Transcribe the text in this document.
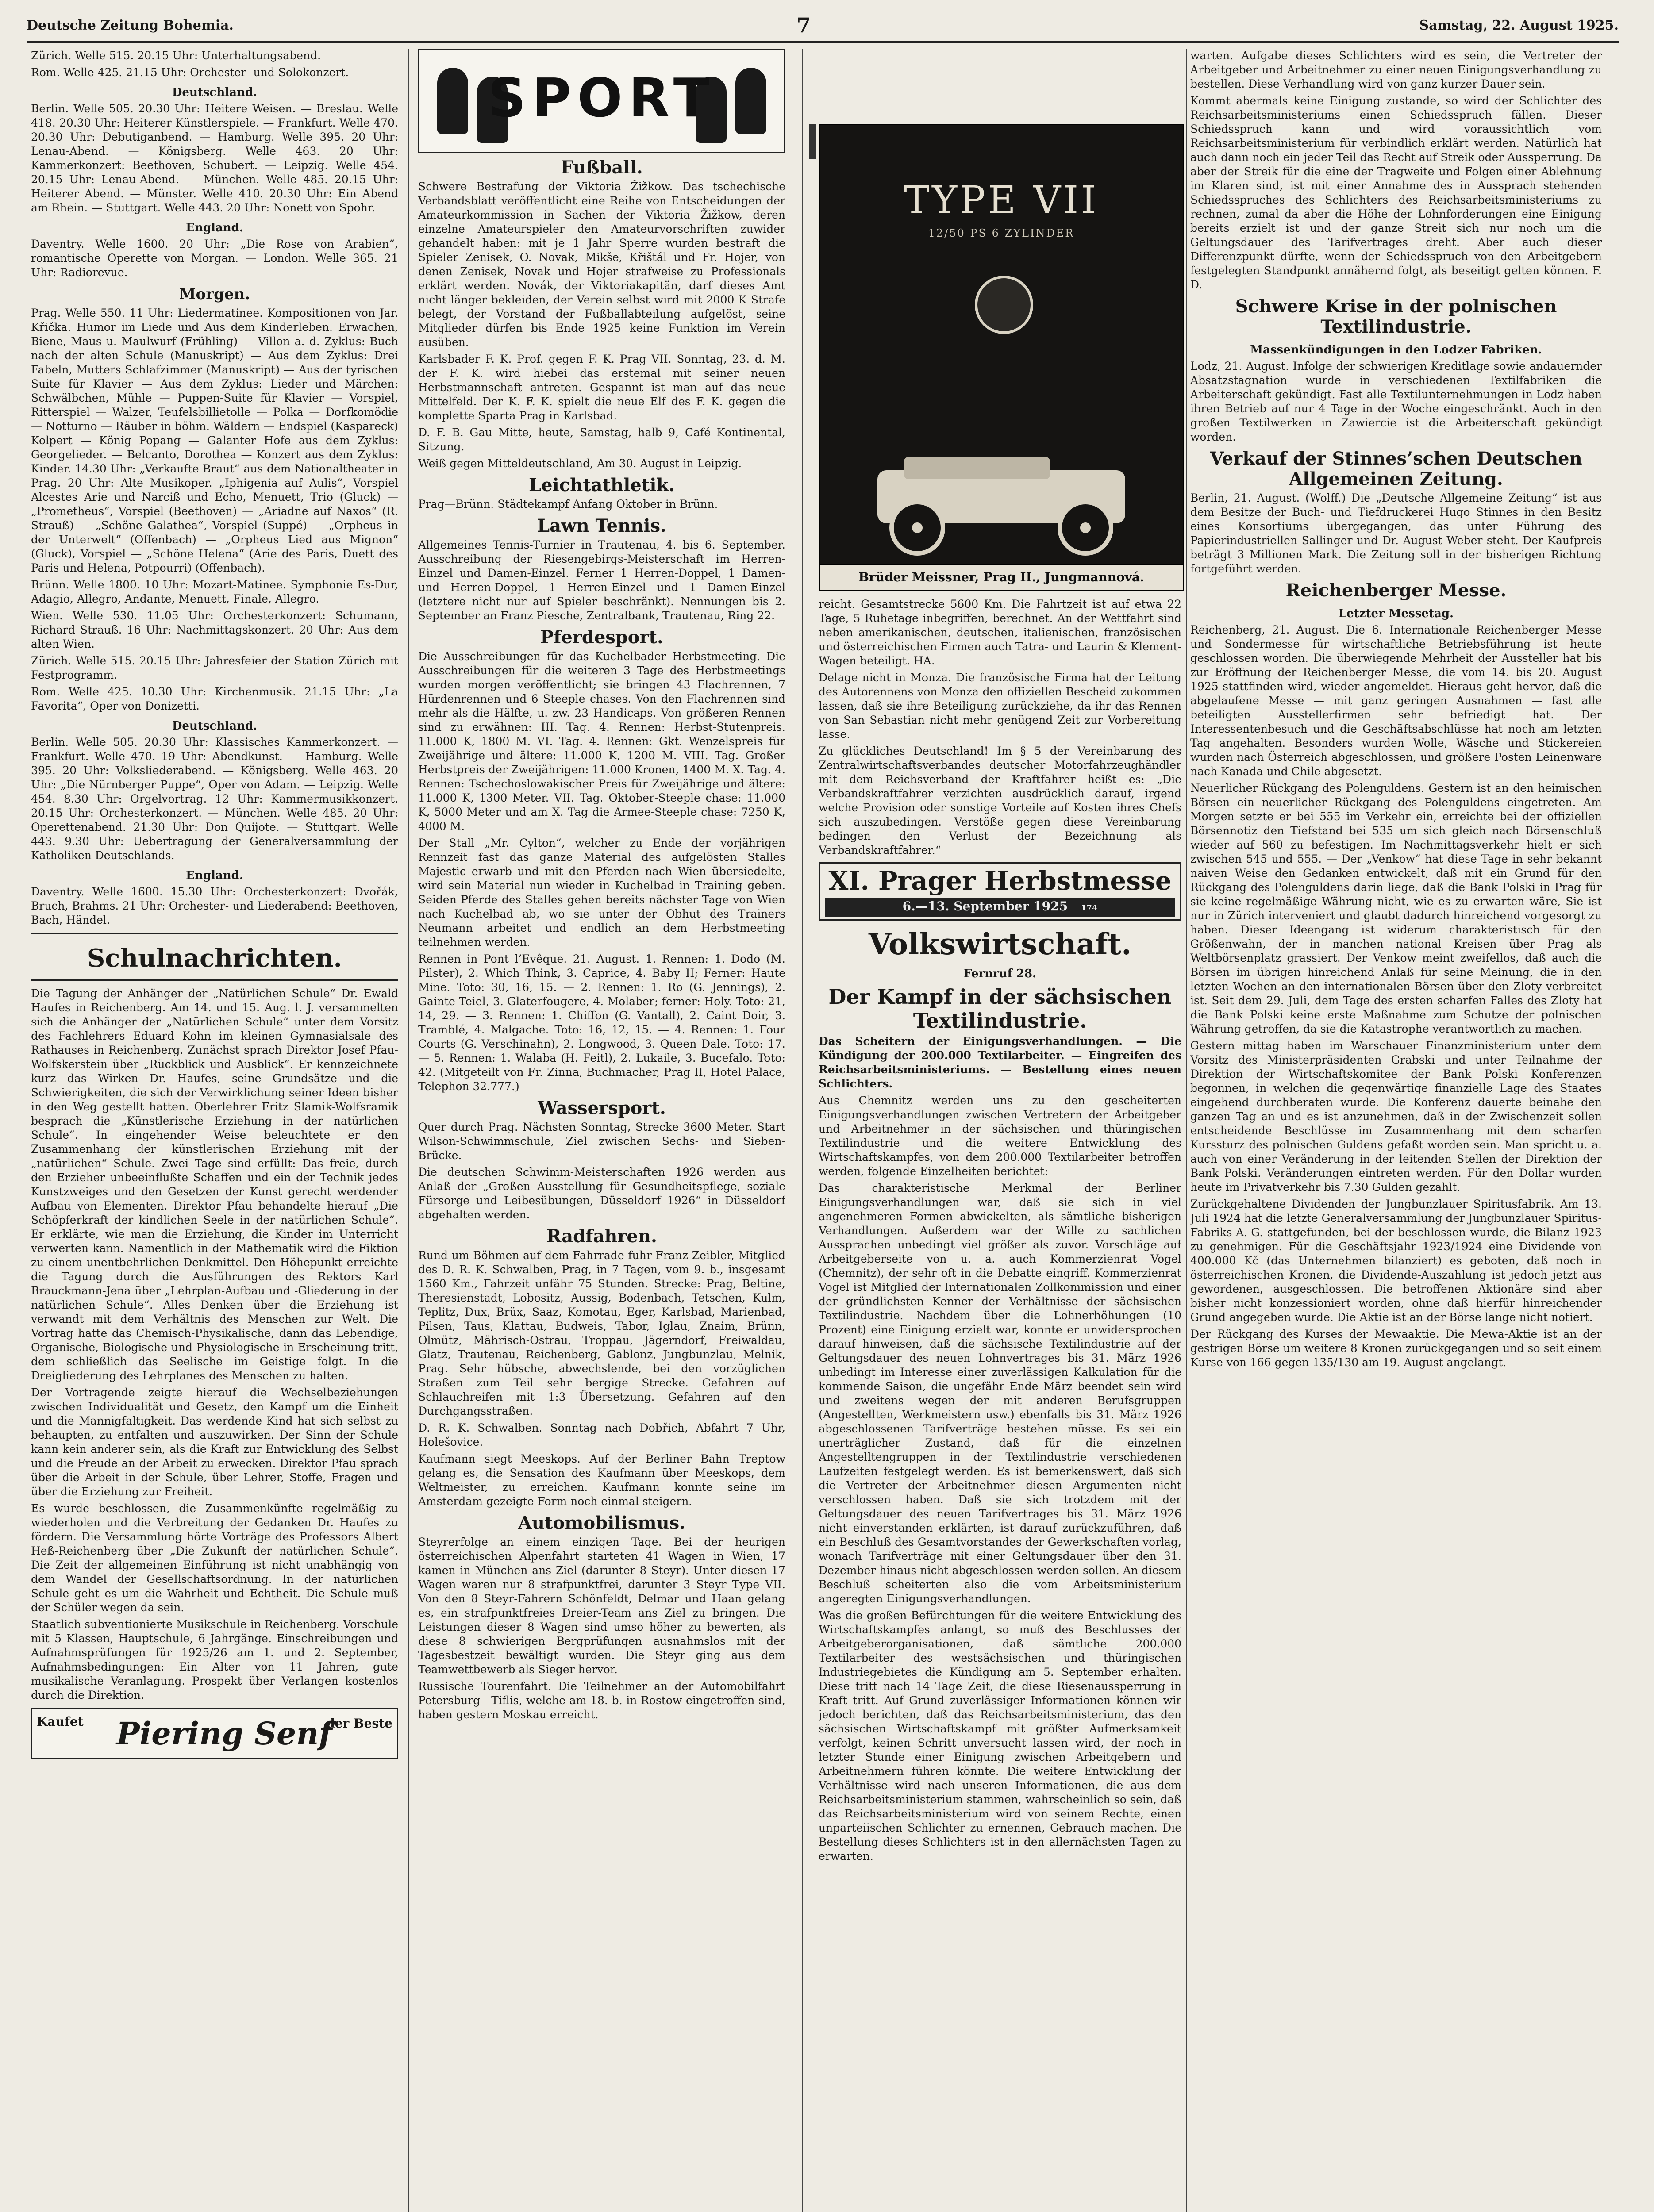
Deutsche Zeitung Bohemia.	7	Samstag, 22. August 1925.

Zürich. Welle 515. 20.15 Uhr: Unterhaltungsabend.

Rom. Welle 425. 21.15 Uhr: Orchester- und Solokonzert.

Deutschland.

Berlin. Welle 505. 20.30 Uhr: Heitere Weisen. — Breslau. Welle 418. 20.30 Uhr: Heiterer Künstlerspiele. — Frankfurt. Welle 470. 20.30 Uhr: Debutiganbend. — Hamburg. Welle 395. 20 Uhr: Lenau-Abend. — Königsberg. Welle 463. 20 Uhr: Kammerkonzert: Beethoven, Schubert. — Leipzig. Welle 454. 20.15 Uhr: Lenau-Abend. — München. Welle 485. 20.15 Uhr: Heiterer Abend. — Münster. Welle 410. 20.30 Uhr: Ein Abend am Rhein. — Stuttgart. Welle 443. 20 Uhr: Nonett von Spohr.

England.

Daventry. Welle 1600. 20 Uhr: „Die Rose von Arabien“, romantische Operette von Morgan. — London. Welle 365. 21 Uhr: Radiorevue.

Morgen.

Prag. Welle 550. 11 Uhr: Liedermatinee. Kompositionen von Jar. Křička. Humor im Liede und Aus dem Kinderleben. Erwachen, Biene, Maus u. Maulwurf (Frühling) — Villon a. d. Zyklus: Buch nach der alten Schule (Manuskript) — Aus dem Zyklus: Drei Fabeln, Mutters Schlafzimmer (Manuskript) — Aus der tyrischen Suite für Klavier — Aus dem Zyklus: Lieder und Märchen: Schwälbchen, Mühle — Puppen-Suite für Klavier — Vorspiel, Ritterspiel — Walzer, Teufelsbillietolle — Polka — Dorfkomödie — Notturno — Räuber in böhm. Wäldern — Endspiel (Kaspareck) Kolpert — König Popang — Galanter Hofe aus dem Zyklus: Georgelieder. — Belcanto, Dorothea — Konzert aus dem Zyklus: Kinder. 14.30 Uhr: „Verkaufte Braut“ aus dem Nationaltheater in Prag. 20 Uhr: Alte Musikoper. „Iphigenia auf Aulis“, Vorspiel Alcestes Arie und Narciß und Echo, Menuett, Trio (Gluck) — „Prometheus“, Vorspiel (Beethoven) — „Ariadne auf Naxos“ (R. Strauß) — „Schöne Galathea“, Vorspiel (Suppé) — „Orpheus in der Unterwelt“ (Offenbach) — „Orpheus Lied aus Mignon“ (Gluck), Vorspiel — „Schöne Helena“ (Arie des Paris, Duett des Paris und Helena, Potpourri) (Offenbach).

Brünn. Welle 1800. 10 Uhr: Mozart-Matinee. Symphonie Es-Dur, Adagio, Allegro, Andante, Menuett, Finale, Allegro.

Wien. Welle 530. 11.05 Uhr: Orchesterkonzert: Schumann, Richard Strauß. 16 Uhr: Nachmittagskonzert. 20 Uhr: Aus dem alten Wien.

Zürich. Welle 515. 20.15 Uhr: Jahresfeier der Station Zürich mit Festprogramm.

Rom. Welle 425. 10.30 Uhr: Kirchenmusik. 21.15 Uhr: „La Favorita“, Oper von Donizetti.

Deutschland.

Berlin. Welle 505. 20.30 Uhr: Klassisches Kammerkonzert. — Frankfurt. Welle 470. 19 Uhr: Abendkunst. — Hamburg. Welle 395. 20 Uhr: Volksliederabend. — Königsberg. Welle 463. 20 Uhr: „Die Nürnberger Puppe“, Oper von Adam. — Leipzig. Welle 454. 8.30 Uhr: Orgelvortrag. 12 Uhr: Kammermusikkonzert. 20.15 Uhr: Orchesterkonzert. — München. Welle 485. 20 Uhr: Operettenabend. 21.30 Uhr: Don Quijote. — Stuttgart. Welle 443. 9.30 Uhr: Uebertragung der Generalversammlung der Katholiken Deutschlands.

England.

Daventry. Welle 1600. 15.30 Uhr: Orchesterkonzert: Dvořák, Bruch, Brahms. 21 Uhr: Orchester- und Liederabend: Beethoven, Bach, Händel.

Schulnachrichten.

Die Tagung der Anhänger der „Natürlichen Schule“ Dr. Ewald Haufes in Reichenberg. Am 14. und 15. Aug. l. J. versammelten sich die Anhänger der „Natürlichen Schule“ unter dem Vorsitz des Fachlehrers Eduard Kohn im kleinen Gymnasialsale des Rathauses in Reichenberg. Zunächst sprach Direktor Josef Pfau-Wolfskerstein über „Rückblick und Ausblick“. Er kennzeichnete kurz das Wirken Dr. Haufes, seine Grundsätze und die Schwierigkeiten, die sich der Verwirklichung seiner Ideen bisher in den Weg gestellt hatten. Oberlehrer Fritz Slamik-Wolfsramik besprach die „Künstlerische Erziehung in der natürlichen Schule“. In eingehender Weise beleuchtete er den Zusammenhang der künstlerischen Erziehung mit der „natürlichen“ Schule. Zwei Tage sind erfüllt: Das freie, durch den Erzieher unbeeinflußte Schaffen und ein der Technik jedes Kunstzweiges und den Gesetzen der Kunst gerecht werdender Aufbau von Elementen. Direktor Pfau behandelte hierauf „Die Schöpferkraft der kindlichen Seele in der natürlichen Schule“. Er erklärte, wie man die Erziehung, die Kinder im Unterricht verwerten kann. Namentlich in der Mathematik wird die Fiktion zu einem unentbehrlichen Denkmittel. Den Höhepunkt erreichte die Tagung durch die Ausführungen des Rektors Karl Brauckmann-Jena über „Lehrplan-Aufbau und -Gliederung in der natürlichen Schule“. Alles Denken über die Erziehung ist verwandt mit dem Verhältnis des Menschen zur Welt. Die Vortrag hatte das Chemisch-Physikalische, dann das Lebendige, Organische, Biologische und Physiologische in Erscheinung tritt, dem schließlich das Seelische im Geistige folgt. In die Dreigliederung des Lehrplanes des Menschen zu halten.

Der Vortragende zeigte hierauf die Wechselbeziehungen zwischen Individualität und Gesetz, den Kampf um die Einheit und die Mannigfaltigkeit. Das werdende Kind hat sich selbst zu behaupten, zu entfalten und auszuwirken. Der Sinn der Schule kann kein anderer sein, als die Kraft zur Entwicklung des Selbst und die Freude an der Arbeit zu erwecken. Direktor Pfau sprach über die Arbeit in der Schule, über Lehrer, Stoffe, Fragen und über die Erziehung zur Freiheit.

Es wurde beschlossen, die Zusammenkünfte regelmäßig zu wiederholen und die Verbreitung der Gedanken Dr. Haufes zu fördern. Die Versammlung hörte Vorträge des Professors Albert Heß-Reichenberg über „Die Zukunft der natürlichen Schule“. Die Zeit der allgemeinen Einführung ist nicht unabhängig von dem Wandel der Gesellschaftsordnung. In der natürlichen Schule geht es um die Wahrheit und Echtheit. Die Schule muß der Schüler wegen da sein.

Staatlich subventionierte Musikschule in Reichenberg. Vorschule mit 5 Klassen, Hauptschule, 6 Jahrgänge. Einschreibungen und Aufnahmsprüfungen für 1925/26 am 1. und 2. September, Aufnahmsbedingungen: Ein Alter von 11 Jahren, gute musikalische Veranlagung. Prospekt über Verlangen kostenlos durch die Direktion.

Kaufet Piering Senf
der Beste
SPORT
Fußball.

Schwere Bestrafung der Viktoria Žižkow. Das tschechische Verbandsblatt veröffentlicht eine Reihe von Entscheidungen der Amateurkommission in Sachen der Viktoria Žižkow, deren einzelne Amateurspieler den Amateurvorschriften zuwider gehandelt haben: mit je 1 Jahr Sperre wurden bestraft die Spieler Zenisek, O. Novak, Mikše, Křištál und Fr. Hojer, von denen Zenisek, Novak und Hojer strafweise zu Professionals erklärt werden. Novák, der Viktoriakapitän, darf dieses Amt nicht länger bekleiden, der Verein selbst wird mit 2000 K Strafe belegt, der Vorstand der Fußballabteilung aufgelöst, seine Mitglieder dürfen bis Ende 1925 keine Funktion im Verein ausüben.

Karlsbader F. K. Prof. gegen F. K. Prag VII. Sonntag, 23. d. M. der F. K. wird hiebei das erstemal mit seiner neuen Herbstmannschaft antreten. Gespannt ist man auf das neue Mittelfeld. Der K. F. K. spielt die neue Elf des F. K. gegen die komplette Sparta Prag in Karlsbad.

D. F. B. Gau Mitte, heute, Samstag, halb 9, Café Kontinental, Sitzung.

Weiß gegen Mitteldeutschland, Am 30. August in Leipzig.

Leichtathletik.

Prag—Brünn. Städtekampf Anfang Oktober in Brünn.

Lawn Tennis.

Allgemeines Tennis-Turnier in Trautenau, 4. bis 6. September. Ausschreibung der Riesengebirgs-Meisterschaft im Herren-Einzel und Damen-Einzel. Ferner 1 Herren-Doppel, 1 Damen- und Herren-Doppel, 1 Herren-Einzel und 1 Damen-Einzel (letztere nicht nur auf Spieler beschränkt). Nennungen bis 2. September an Franz Piesche, Zentralbank, Trautenau, Ring 22.

Pferdesport.

Die Ausschreibungen für das Kuchelbader Herbstmeeting. Die Ausschreibungen für die weiteren 3 Tage des Herbstmeetings wurden morgen veröffentlicht; sie bringen 43 Flachrennen, 7 Hürdenrennen und 6 Steeple chases. Von den Flachrennen sind mehr als die Hälfte, u. zw. 23 Handicaps. Von größeren Rennen sind zu erwähnen: III. Tag. 4. Rennen: Herbst-Stutenpreis. 11.000 K, 1800 M. VI. Tag. 4. Rennen: Gkt. Wenzelspreis für Zweijährige und ältere: 11.000 K, 1200 M. VIII. Tag. Großer Herbstpreis der Zweijährigen: 11.000 Kronen, 1400 M. X. Tag. 4. Rennen: Tschechoslowakischer Preis für Zweijährige und ältere: 11.000 K, 1300 Meter. VII. Tag. Oktober-Steeple chase: 11.000 K, 5000 Meter und am X. Tag die Armee-Steeple chase: 7250 K, 4000 M.

Der Stall „Mr. Cylton“, welcher zu Ende der vorjährigen Rennzeit fast das ganze Material des aufgelösten Stalles Majestic erwarb und mit den Pferden nach Wien übersiedelte, wird sein Material nun wieder in Kuchelbad in Training geben. Seiden Pferde des Stalles gehen bereits nächster Tage von Wien nach Kuchelbad ab, wo sie unter der Obhut des Trainers Neumann arbeitet und endlich an dem Herbstmeeting teilnehmen werden.

Rennen in Pont l’Evêque. 21. August. 1. Rennen: 1. Dodo (M. Pilster), 2. Which Think, 3. Caprice, 4. Baby II; Ferner: Haute Mine. Toto: 30, 16, 15. — 2. Rennen: 1. Ro (G. Jennings), 2. Gainte Teiel, 3. Glaterfougere, 4. Molaber; ferner: Holy. Toto: 21, 14, 29. — 3. Rennen: 1. Chiffon (G. Vantall), 2. Caint Doir, 3. Tramblé, 4. Malgache. Toto: 16, 12, 15. — 4. Rennen: 1. Four Courts (G. Verschinahn), 2. Longwood, 3. Queen Dale. Toto: 17. — 5. Rennen: 1. Walaba (H. Feitl), 2. Lukaile, 3. Bucefalo. Toto: 42. (Mitgeteilt von Fr. Zinna, Buchmacher, Prag II, Hotel Palace, Telephon 32.777.)

Wassersport.

Quer durch Prag. Nächsten Sonntag, Strecke 3600 Meter. Start Wilson-Schwimmschule, Ziel zwischen Sechs- und Sieben-Brücke.

Die deutschen Schwimm-Meisterschaften 1926 werden aus Anlaß der „Großen Ausstellung für Gesundheitspflege, soziale Fürsorge und Leibesübungen, Düsseldorf 1926“ in Düsseldorf abgehalten werden.

Radfahren.

Rund um Böhmen auf dem Fahrrade fuhr Franz Zeibler, Mitglied des D. R. K. Schwalben, Prag, in 7 Tagen, vom 9. b., insgesamt 1560 Km., Fahrzeit unfähr 75 Stunden. Strecke: Prag, Beltine, Theresienstadt, Lobositz, Aussig, Bodenbach, Tetschen, Kulm, Teplitz, Dux, Brüx, Saaz, Komotau, Eger, Karlsbad, Marienbad, Pilsen, Taus, Klattau, Budweis, Tabor, Iglau, Znaim, Brünn, Olmütz, Mährisch-Ostrau, Troppau, Jägerndorf, Freiwaldau, Glatz, Trautenau, Reichenberg, Gablonz, Jungbunzlau, Melnik, Prag. Sehr hübsche, abwechslende, bei den vorzüglichen Straßen zum Teil sehr bergige Strecke. Gefahren auf Schlauchreifen mit 1:3 Übersetzung. Gefahren auf den Durchgangsstraßen.

D. R. K. Schwalben. Sonntag nach Dobřich, Abfahrt 7 Uhr, Holešovice.

Kaufmann siegt Meeskops. Auf der Berliner Bahn Treptow gelang es, die Sensation des Kaufmann über Meeskops, dem Weltmeister, zu erreichen. Kaufmann konnte seine im Amsterdam gezeigte Form noch einmal steigern.

Automobilismus.

Steyrerfolge an einem einzigen Tage. Bei der heurigen österreichischen Alpenfahrt starteten 41 Wagen in Wien, 17 kamen in München ans Ziel (darunter 8 Steyr). Unter diesen 17 Wagen waren nur 8 strafpunktfrei, darunter 3 Steyr Type VII. Von den 8 Steyr-Fahrern Schönfeldt, Delmar und Haan gelang es, ein strafpunktfreies Dreier-Team ans Ziel zu bringen. Die Leistungen dieser 8 Wagen sind umso höher zu bewerten, als diese 8 schwierigen Bergprüfungen ausnahmslos mit der Tagesbestzeit bewältigt wurden. Die Steyr ging aus dem Teamwettbewerb als Sieger hervor.

Russische Tourenfahrt. Die Teilnehmer an der Automobilfahrt Petersburg—Tiflis, welche am 18. b. in Rostow eingetroffen sind, haben gestern Moskau erreicht.

TYPE VII
12/50 PS 6 ZYLINDER
Brüder Meissner, Prag II., Jungmannová.

reicht. Gesamtstrecke 5600 Km. Die Fahrtzeit ist auf etwa 22 Tage, 5 Ruhetage inbegriffen, berechnet. An der Wettfahrt sind neben amerikanischen, deutschen, italienischen, französischen und österreichischen Firmen auch Tatra- und Laurin & Klement-Wagen beteiligt. HA.

Delage nicht in Monza. Die französische Firma hat der Leitung des Autorennens von Monza den offiziellen Bescheid zukommen lassen, daß sie ihre Beteiligung zurückziehe, da ihr das Rennen von San Sebastian nicht mehr genügend Zeit zur Vorbereitung lasse.

Zu glückliches Deutschland! Im § 5 der Vereinbarung des Zentralwirtschaftsverbandes deutscher Motorfahrzeughändler mit dem Reichsverband der Kraftfahrer heißt es: „Die Verbandskraftfahrer verzichten ausdrücklich darauf, irgend welche Provision oder sonstige Vorteile auf Kosten ihres Chefs sich auszubedingen. Verstöße gegen diese Vereinbarung bedingen den Verlust der Bezeichnung als Verbandskraftfahrer.“

XI. Prager Herbstmesse
6.—13. September 1925 174
Volkswirtschaft.
Fernruf 28.
Der Kampf in der sächsischen Textilindustrie.

Das Scheitern der Einigungsverhandlungen. — Die Kündigung der 200.000 Textilarbeiter. — Eingreifen des Reichsarbeitsministeriums. — Bestellung eines neuen Schlichters.

Aus Chemnitz werden uns zu den gescheiterten Einigungsverhandlungen zwischen Vertretern der Arbeitgeber und Arbeitnehmer in der sächsischen und thüringischen Textilindustrie und die weitere Entwicklung des Wirtschaftskampfes, von dem 200.000 Textilarbeiter betroffen werden, folgende Einzelheiten berichtet:

Das charakteristische Merkmal der Berliner Einigungsverhandlungen war, daß sie sich in viel angenehmeren Formen abwickelten, als sämtliche bisherigen Verhandlungen. Außerdem war der Wille zu sachlichen Aussprachen unbedingt viel größer als zuvor. Vorschläge auf Arbeitgeberseite von u. a. auch Kommerzienrat Vogel (Chemnitz), der sehr oft in die Debatte eingriff. Kommerzienrat Vogel ist Mitglied der Internationalen Zollkommission und einer der gründlichsten Kenner der Verhältnisse der sächsischen Textilindustrie. Nachdem über die Lohnerhöhungen (10 Prozent) eine Einigung erzielt war, konnte er unwidersprochen darauf hinweisen, daß die sächsische Textilindustrie auf der Geltungsdauer des neuen Lohnvertrages bis 31. März 1926 unbedingt im Interesse einer zuverlässigen Kalkulation für die kommende Saison, die ungefähr Ende März beendet sein wird und zweitens wegen der mit anderen Berufsgruppen (Angestellten, Werkmeistern usw.) ebenfalls bis 31. März 1926 abgeschlossenen Tarifverträge bestehen müsse. Es sei ein unerträglicher Zustand, daß für die einzelnen Angestelltengruppen in der Textilindustrie verschiedenen Laufzeiten festgelegt werden. Es ist bemerkenswert, daß sich die Vertreter der Arbeitnehmer diesen Argumenten nicht verschlossen haben. Daß sie sich trotzdem mit der Geltungsdauer des neuen Tarifvertrages bis 31. März 1926 nicht einverstanden erklärten, ist darauf zurückzuführen, daß ein Beschluß des Gesamtvorstandes der Gewerkschaften vorlag, wonach Tarifverträge mit einer Geltungsdauer über den 31. Dezember hinaus nicht abgeschlossen werden sollen. An diesem Beschluß scheiterten also die vom Arbeitsministerium angeregten Einigungsverhandlungen.

Was die großen Befürchtungen für die weitere Entwicklung des Wirtschaftskampfes anlangt, so muß des Beschlusses der Arbeitgeberorganisationen, daß sämtliche 200.000 Textilarbeiter des westsächsischen und thüringischen Industriegebietes die Kündigung am 5. September erhalten. Diese tritt nach 14 Tage Zeit, die diese Riesenaussperrung in Kraft tritt. Auf Grund zuverlässiger Informationen können wir jedoch berichten, daß das Reichsarbeitsministerium, das den sächsischen Wirtschaftskampf mit größter Aufmerksamkeit verfolgt, keinen Schritt unversucht lassen wird, der noch in letzter Stunde einer Einigung zwischen Arbeitgebern und Arbeitnehmern führen könnte. Die weitere Entwicklung der Verhältnisse wird nach unseren Informationen, die aus dem Reichsarbeitsministerium stammen, wahrscheinlich so sein, daß das Reichsarbeitsministerium wird von seinem Rechte, einen unparteiischen Schlichter zu ernennen, Gebrauch machen. Die Bestellung dieses Schlichters ist in den allernächsten Tagen zu erwarten.

warten. Aufgabe dieses Schlichters wird es sein, die Vertreter der Arbeitgeber und Arbeitnehmer zu einer neuen Einigungsverhandlung zu bestellen. Diese Verhandlung wird von ganz kurzer Dauer sein.

Kommt abermals keine Einigung zustande, so wird der Schlichter des Reichsarbeitsministeriums einen Schiedsspruch fällen. Dieser Schiedsspruch kann und wird voraussichtlich vom Reichsarbeitsministerium für verbindlich erklärt werden. Natürlich hat auch dann noch ein jeder Teil das Recht auf Streik oder Aussperrung. Da aber der Streik für die eine der Tragweite und Folgen einer Ablehnung im Klaren sind, ist mit einer Annahme des in Aussprach stehenden Schiedsspruches des Schlichters des Reichsarbeitsministeriums zu rechnen, zumal da aber die Höhe der Lohnforderungen eine Einigung bereits erzielt ist und der ganze Streit sich nur noch um die Geltungsdauer des Tarifvertrages dreht. Aber auch dieser Differenzpunkt dürfte, wenn der Schiedsspruch von den Arbeitgebern festgelegten Standpunkt annähernd folgt, als beseitigt gelten können. F. D.

Schwere Krise in der polnischen Textilindustrie.
Massenkündigungen in den Lodzer Fabriken.

Lodz, 21. August. Infolge der schwierigen Kreditlage sowie andauernder Absatzstagnation wurde in verschiedenen Textilfabriken die Arbeiterschaft gekündigt. Fast alle Textilunternehmungen in Lodz haben ihren Betrieb auf nur 4 Tage in der Woche eingeschränkt. Auch in den großen Textilwerken in Zawiercie ist die Arbeiterschaft gekündigt worden.

Verkauf der Stinnes’schen Deutschen Allgemeinen Zeitung.

Berlin, 21. August. (Wolff.) Die „Deutsche Allgemeine Zeitung“ ist aus dem Besitze der Buch- und Tiefdruckerei Hugo Stinnes in den Besitz eines Konsortiums übergegangen, das unter Führung des Papierindustriellen Sallinger und Dr. August Weber steht. Der Kaufpreis beträgt 3 Millionen Mark. Die Zeitung soll in der bisherigen Richtung fortgeführt werden.

Reichenberger Messe.
Letzter Messetag.

Reichenberg, 21. August. Die 6. Internationale Reichenberger Messe und Sondermesse für wirtschaftliche Betriebsführung ist heute geschlossen worden. Die überwiegende Mehrheit der Aussteller hat bis zur Eröffnung der Reichenberger Messe, die vom 14. bis 20. August 1925 stattfinden wird, wieder angemeldet. Hieraus geht hervor, daß die abgelaufene Messe — mit ganz geringen Ausnahmen — fast alle beteiligten Ausstellerfirmen sehr befriedigt hat. Der Interessentenbesuch und die Geschäftsabschlüsse hat noch am letzten Tag angehalten. Besonders wurden Wolle, Wäsche und Stickereien wurden nach Österreich abgeschlossen, und größere Posten Leinenware nach Kanada und Chile abgesetzt.

Neuerlicher Rückgang des Polenguldens. Gestern ist an den heimischen Börsen ein neuerlicher Rückgang des Polenguldens eingetreten. Am Morgen setzte er bei 555 im Verkehr ein, erreichte bei der offiziellen Börsennotiz den Tiefstand bei 535 um sich gleich nach Börsenschluß wieder auf 560 zu befestigen. Im Nachmittagsverkehr hielt er sich zwischen 545 und 555. — Der „Venkow“ hat diese Tage in sehr bekannt naiven Weise den Gedanken entwickelt, daß mit ein Grund für den Rückgang des Polenguldens darin liege, daß die Bank Polski in Prag für sie keine regelmäßige Währung nicht, wie es zu erwarten wäre, Sie ist nur in Zürich interveniert und glaubt dadurch hinreichend vorgesorgt zu haben. Dieser Ideengang ist widerum charakteristisch für den Größenwahn, der in manchen national Kreisen über Prag als Weltbörsenplatz grassiert. Der Venkow meint zweifellos, daß auch die Börsen im übrigen hinreichend Anlaß für seine Meinung, die in den letzten Wochen an den internationalen Börsen über den Zloty verbreitet ist. Seit dem 29. Juli, dem Tage des ersten scharfen Falles des Zloty hat die Bank Polski keine erste Maßnahme zum Schutze der polnischen Währung getroffen, da sie die Katastrophe verantwortlich zu machen.

Gestern mittag haben im Warschauer Finanzministerium unter dem Vorsitz des Ministerpräsidenten Grabski und unter Teilnahme der Direktion der Wirtschaftskomitee der Bank Polski Konferenzen begonnen, in welchen die gegenwärtige finanzielle Lage des Staates eingehend durchberaten wurde. Die Konferenz dauerte beinahe den ganzen Tag an und es ist anzunehmen, daß in der Zwischenzeit sollen entscheidende Beschlüsse im Zusammenhang mit dem scharfen Kurssturz des polnischen Guldens gefaßt worden sein. Man spricht u. a. auch von einer Veränderung in der leitenden Stellen der Direktion der Bank Polski. Veränderungen eintreten werden. Für den Dollar wurden heute im Privatverkehr bis 7.30 Gulden gezahlt.

Zurückgehaltene Dividenden der Jungbunzlauer Spiritusfabrik. Am 13. Juli 1924 hat die letzte Generalversammlung der Jungbunzlauer Spiritus-Fabriks-A.-G. stattgefunden, bei der beschlossen wurde, die Bilanz 1923 zu genehmigen. Für die Geschäftsjahr 1923/1924 eine Dividende von 400.000 Kč (das Unternehmen bilanziert) es geboten, daß noch in österreichischen Kronen, die Dividende-Auszahlung ist jedoch jetzt aus gewordenen, ausgeschlossen. Die betroffenen Aktionäre sind aber bisher nicht konzessioniert worden, ohne daß hierfür hinreichender Grund angegeben wurde. Die Aktie ist an der Börse lange nicht notiert.

Der Rückgang des Kurses der Mewaaktie. Die Mewa-Aktie ist an der gestrigen Börse um weitere 8 Kronen zurückgegangen und so seit einem Kurse von 166 gegen 135/130 am 19. August angelangt.
